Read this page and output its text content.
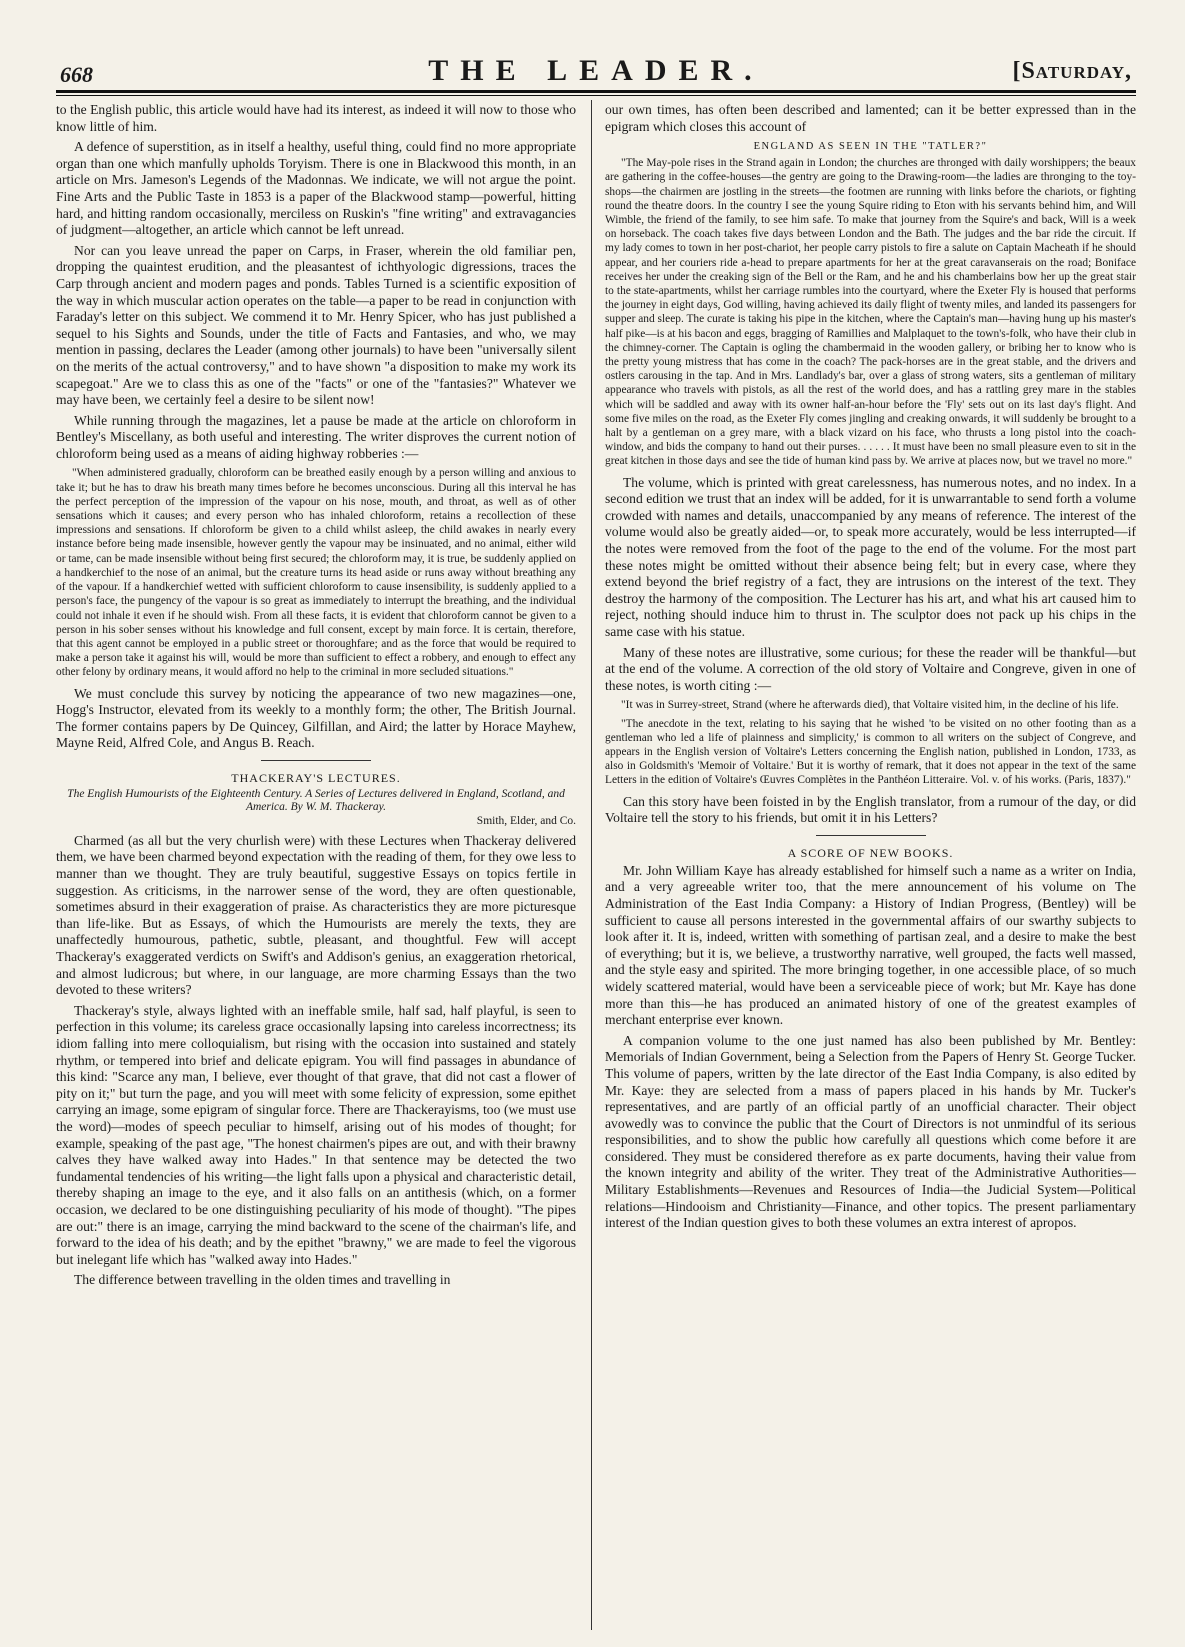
668	THE LEADER.	[Saturday,

to the English public, this article would have had its interest, as indeed it will now to those who know little of him.

A defence of superstition, as in itself a healthy, useful thing, could find no more appropriate organ than one which manfully upholds Toryism. There is one in Blackwood this month, in an article on Mrs. Jameson's Legends of the Madonnas. We indicate, we will not argue the point. Fine Arts and the Public Taste in 1853 is a paper of the Blackwood stamp—powerful, hitting hard, and hitting random occasionally, merciless on Ruskin's "fine writing" and extravagancies of judgment—altogether, an article which cannot be left unread.

Nor can you leave unread the paper on Carps, in Fraser, wherein the old familiar pen, dropping the quaintest erudition, and the pleasantest of ichthyologic digressions, traces the Carp through ancient and modern pages and ponds. Tables Turned is a scientific exposition of the way in which muscular action operates on the table—a paper to be read in conjunction with Faraday's letter on this subject. We commend it to Mr. Henry Spicer, who has just published a sequel to his Sights and Sounds, under the title of Facts and Fantasies, and who, we may mention in passing, declares the Leader (among other journals) to have been "universally silent on the merits of the actual controversy," and to have shown "a disposition to make my work its scapegoat." Are we to class this as one of the "facts" or one of the "fantasies?" Whatever we may have been, we certainly feel a desire to be silent now!

While running through the magazines, let a pause be made at the article on chloroform in Bentley's Miscellany, as both useful and interesting. The writer disproves the current notion of chloroform being used as a means of aiding highway robberies :—

"When administered gradually, chloroform can be breathed easily enough by a person willing and anxious to take it; but he has to draw his breath many times before he becomes unconscious. During all this interval he has the perfect perception of the impression of the vapour on his nose, mouth, and throat, as well as of other sensations which it causes; and every person who has inhaled chloroform, retains a recollection of these impressions and sensations. If chloroform be given to a child whilst asleep, the child awakes in nearly every instance before being made insensible, however gently the vapour may be insinuated, and no animal, either wild or tame, can be made insensible without being first secured; the chloroform may, it is true, be suddenly applied on a handkerchief to the nose of an animal, but the creature turns its head aside or runs away without breathing any of the vapour. If a handkerchief wetted with sufficient chloroform to cause insensibility, is suddenly applied to a person's face, the pungency of the vapour is so great as immediately to interrupt the breathing, and the individual could not inhale it even if he should wish. From all these facts, it is evident that chloroform cannot be given to a person in his sober senses without his knowledge and full consent, except by main force. It is certain, therefore, that this agent cannot be employed in a public street or thoroughfare; and as the force that would be required to make a person take it against his will, would be more than sufficient to effect a robbery, and enough to effect any other felony by ordinary means, it would afford no help to the criminal in more secluded situations."

We must conclude this survey by noticing the appearance of two new magazines—one, Hogg's Instructor, elevated from its weekly to a monthly form; the other, The British Journal. The former contains papers by De Quincey, Gilfillan, and Aird; the latter by Horace Mayhew, Mayne Reid, Alfred Cole, and Angus B. Reach.

THACKERAY'S LECTURES.
The English Humourists of the Eighteenth Century. A Series of Lectures delivered in England, Scotland, and America. By W. M. Thackeray.
Smith, Elder, and Co.

Charmed (as all but the very churlish were) with these Lectures when Thackeray delivered them, we have been charmed beyond expectation with the reading of them, for they owe less to manner than we thought. They are truly beautiful, suggestive Essays on topics fertile in suggestion. As criticisms, in the narrower sense of the word, they are often questionable, sometimes absurd in their exaggeration of praise. As characteristics they are more picturesque than life-like. But as Essays, of which the Humourists are merely the texts, they are unaffectedly humourous, pathetic, subtle, pleasant, and thoughtful. Few will accept Thackeray's exaggerated verdicts on Swift's and Addison's genius, an exaggeration rhetorical, and almost ludicrous; but where, in our language, are more charming Essays than the two devoted to these writers?

Thackeray's style, always lighted with an ineffable smile, half sad, half playful, is seen to perfection in this volume; its careless grace occasionally lapsing into careless incorrectness; its idiom falling into mere colloquialism, but rising with the occasion into sustained and stately rhythm, or tempered into brief and delicate epigram. You will find passages in abundance of this kind: "Scarce any man, I believe, ever thought of that grave, that did not cast a flower of pity on it;" but turn the page, and you will meet with some felicity of expression, some epithet carrying an image, some epigram of singular force. There are Thackerayisms, too (we must use the word)—modes of speech peculiar to himself, arising out of his modes of thought; for example, speaking of the past age, "The honest chairmen's pipes are out, and with their brawny calves they have walked away into Hades." In that sentence may be detected the two fundamental tendencies of his writing—the light falls upon a physical and characteristic detail, thereby shaping an image to the eye, and it also falls on an antithesis (which, on a former occasion, we declared to be one distinguishing peculiarity of his mode of thought). "The pipes are out:" there is an image, carrying the mind backward to the scene of the chairman's life, and forward to the idea of his death; and by the epithet "brawny," we are made to feel the vigorous but inelegant life which has "walked away into Hades."

The difference between travelling in the olden times and travelling in

our own times, has often been described and lamented; can it be better expressed than in the epigram which closes this account of

ENGLAND AS SEEN IN THE "TATLER?"

"The May-pole rises in the Strand again in London; the churches are thronged with daily worshippers; the beaux are gathering in the coffee-houses—the gentry are going to the Drawing-room—the ladies are thronging to the toy-shops—the chairmen are jostling in the streets—the footmen are running with links before the chariots, or fighting round the theatre doors. In the country I see the young Squire riding to Eton with his servants behind him, and Will Wimble, the friend of the family, to see him safe. To make that journey from the Squire's and back, Will is a week on horseback. The coach takes five days between London and the Bath. The judges and the bar ride the circuit. If my lady comes to town in her post-chariot, her people carry pistols to fire a salute on Captain Macheath if he should appear, and her couriers ride a-head to prepare apartments for her at the great caravanserais on the road; Boniface receives her under the creaking sign of the Bell or the Ram, and he and his chamberlains bow her up the great stair to the state-apartments, whilst her carriage rumbles into the courtyard, where the Exeter Fly is housed that performs the journey in eight days, God willing, having achieved its daily flight of twenty miles, and landed its passengers for supper and sleep. The curate is taking his pipe in the kitchen, where the Captain's man—having hung up his master's half pike—is at his bacon and eggs, bragging of Ramillies and Malplaquet to the town's-folk, who have their club in the chimney-corner. The Captain is ogling the chambermaid in the wooden gallery, or bribing her to know who is the pretty young mistress that has come in the coach? The pack-horses are in the great stable, and the drivers and ostlers carousing in the tap. And in Mrs. Landlady's bar, over a glass of strong waters, sits a gentleman of military appearance who travels with pistols, as all the rest of the world does, and has a rattling grey mare in the stables which will be saddled and away with its owner half-an-hour before the 'Fly' sets out on its last day's flight. And some five miles on the road, as the Exeter Fly comes jingling and creaking onwards, it will suddenly be brought to a halt by a gentleman on a grey mare, with a black vizard on his face, who thrusts a long pistol into the coach-window, and bids the company to hand out their purses. . . . . . It must have been no small pleasure even to sit in the great kitchen in those days and see the tide of human kind pass by. We arrive at places now, but we travel no more."

The volume, which is printed with great carelessness, has numerous notes, and no index. In a second edition we trust that an index will be added, for it is unwarrantable to send forth a volume crowded with names and details, unaccompanied by any means of reference. The interest of the volume would also be greatly aided—or, to speak more accurately, would be less interrupted—if the notes were removed from the foot of the page to the end of the volume. For the most part these notes might be omitted without their absence being felt; but in every case, where they extend beyond the brief registry of a fact, they are intrusions on the interest of the text. They destroy the harmony of the composition. The Lecturer has his art, and what his art caused him to reject, nothing should induce him to thrust in. The sculptor does not pack up his chips in the same case with his statue.

Many of these notes are illustrative, some curious; for these the reader will be thankful—but at the end of the volume. A correction of the old story of Voltaire and Congreve, given in one of these notes, is worth citing :—

"It was in Surrey-street, Strand (where he afterwards died), that Voltaire visited him, in the decline of his life.

"The anecdote in the text, relating to his saying that he wished 'to be visited on no other footing than as a gentleman who led a life of plainness and simplicity,' is common to all writers on the subject of Congreve, and appears in the English version of Voltaire's Letters concerning the English nation, published in London, 1733, as also in Goldsmith's 'Memoir of Voltaire.' But it is worthy of remark, that it does not appear in the text of the same Letters in the edition of Voltaire's Œuvres Complètes in the Panthéon Litteraire. Vol. v. of his works. (Paris, 1837)."

Can this story have been foisted in by the English translator, from a rumour of the day, or did Voltaire tell the story to his friends, but omit it in his Letters?

A SCORE OF NEW BOOKS.

Mr. John William Kaye has already established for himself such a name as a writer on India, and a very agreeable writer too, that the mere announcement of his volume on The Administration of the East India Company: a History of Indian Progress, (Bentley) will be sufficient to cause all persons interested in the governmental affairs of our swarthy subjects to look after it. It is, indeed, written with something of partisan zeal, and a desire to make the best of everything; but it is, we believe, a trustworthy narrative, well grouped, the facts well massed, and the style easy and spirited. The more bringing together, in one accessible place, of so much widely scattered material, would have been a serviceable piece of work; but Mr. Kaye has done more than this—he has produced an animated history of one of the greatest examples of merchant enterprise ever known.

A companion volume to the one just named has also been published by Mr. Bentley: Memorials of Indian Government, being a Selection from the Papers of Henry St. George Tucker. This volume of papers, written by the late director of the East India Company, is also edited by Mr. Kaye: they are selected from a mass of papers placed in his hands by Mr. Tucker's representatives, and are partly of an official partly of an unofficial character. Their object avowedly was to convince the public that the Court of Directors is not unmindful of its serious responsibilities, and to show the public how carefully all questions which come before it are considered. They must be considered therefore as ex parte documents, having their value from the known integrity and ability of the writer. They treat of the Administrative Authorities—Military Establishments—Revenues and Resources of India—the Judicial System—Political relations—Hindooism and Christianity—Finance, and other topics. The present parliamentary interest of the Indian question gives to both these volumes an extra interest of apropos.
